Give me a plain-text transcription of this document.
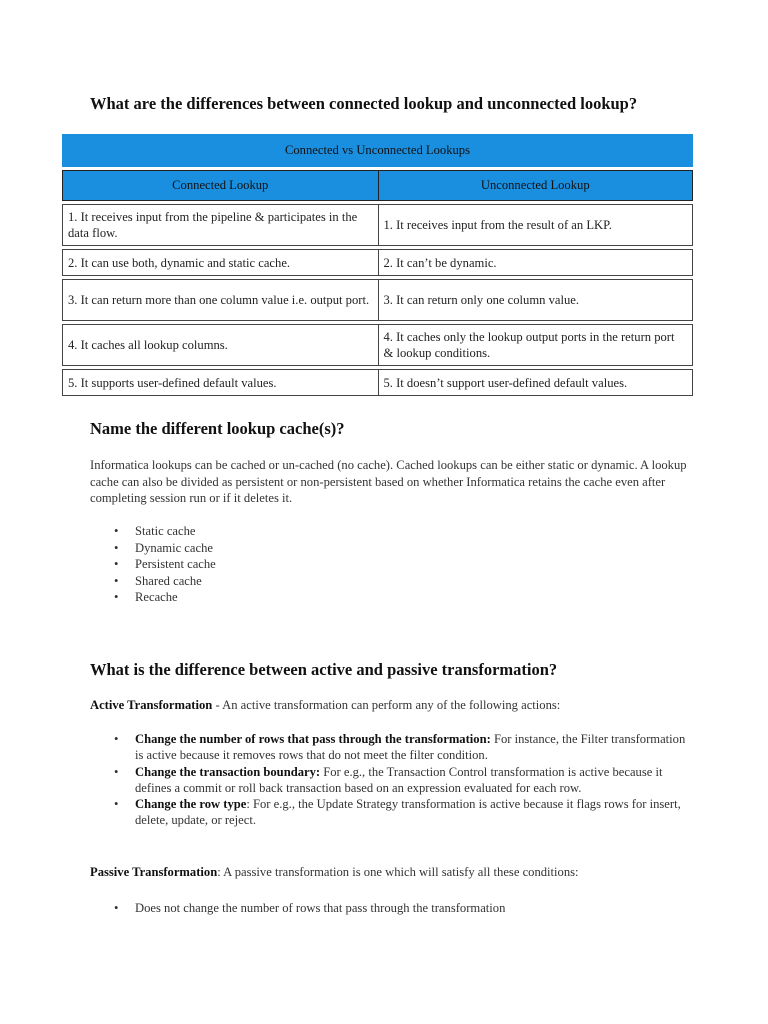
What are the differences between connected lookup and unconnected lookup?
Connected vs Unconnected Lookups	
Connected Lookup	Unconnected Lookup
1. It receives input from the pipeline & participates in the data flow.	1. It receives input from the result of an LKP.
2. It can use both, dynamic and static cache.	2. It can’t be dynamic.
3. It can return more than one column value i.e. output port.	3. It can return only one column value.
4. It caches all lookup columns.	4. It caches only the lookup output ports in the return port & lookup conditions.
5. It supports user-defined default values.	5. It doesn’t support user-defined default values.
Name the different lookup cache(s)?

Informatica lookups can be cached or un-cached (no cache). Cached lookups can be either static or dynamic. A lookup cache can also be divided as persistent or non-persistent based on whether Informatica retains the cache even after completing session run or if it deletes it.

• Static cache
• Dynamic cache
• Persistent cache
• Shared cache
• Recache
What is the difference between active and passive transformation?

Active Transformation - An active transformation can perform any of the following actions:

• Change the number of rows that pass through the transformation: For instance, the Filter transformation is active because it removes rows that do not meet the filter condition.
• Change the transaction boundary: For e.g., the Transaction Control transformation is active because it defines a commit or roll back transaction based on an expression evaluated for each row.
• Change the row type: For e.g., the Update Strategy transformation is active because it flags rows for insert, delete, update, or reject.

Passive Transformation: A passive transformation is one which will satisfy all these conditions:

• Does not change the number of rows that pass through the transformation
